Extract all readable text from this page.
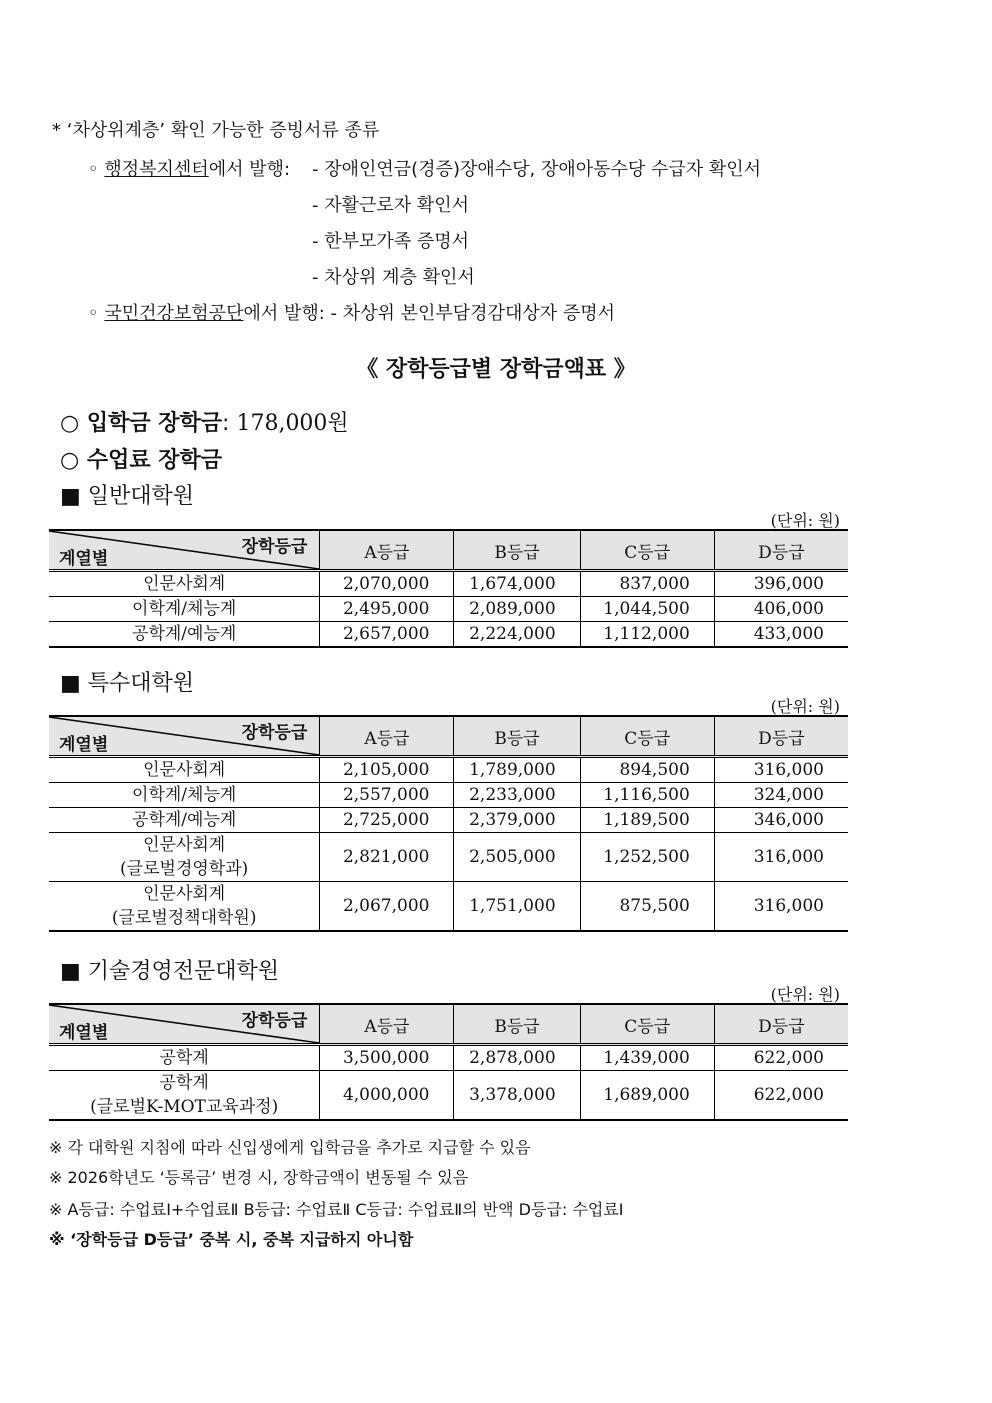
* ‘차상위계층’ 확인 가능한 증빙서류 종류
◦ 행정복지센터에서 발행: - 장애인연금(경증)장애수당, 장애아동수당 수급자 확인서
- 자활근로자 확인서
- 한부모가족 증명서
- 차상위 계층 확인서
◦ 국민건강보험공단에서 발행: - 차상위 본인부담경감대상자 증명서
《 장학등급별 장학금액표 》
○ 입학금 장학금: 178,000원
○ 수업료 장학금
■ 일반대학원
(단위: 원)
장학등급
계열별	A등급	B등급	C등급	D등급
인문사회계	2,070,000	1,674,000	837,000	396,000
이학계/체능계	2,495,000	2,089,000	1,044,500	406,000
공학계/예능계	2,657,000	2,224,000	1,112,000	433,000
■ 특수대학원
(단위: 원)
장학등급
계열별	A등급	B등급	C등급	D등급
인문사회계	2,105,000	1,789,000	894,500	316,000
이학계/체능계	2,557,000	2,233,000	1,116,500	324,000
공학계/예능계	2,725,000	2,379,000	1,189,500	346,000

인문사회계
(글로벌경영학과)	2,821,000	2,505,000	1,252,500	316,000

인문사회계
(글로벌정책대학원)	2,067,000	1,751,000	875,500	316,000
■ 기술경영전문대학원
(단위: 원)
장학등급
계열별	A등급	B등급	C등급	D등급
공학계	3,500,000	2,878,000	1,439,000	622,000

공학계
(글로벌K-MOT교육과정)	4,000,000	3,378,000	1,689,000	622,000
※ 각 대학원 지침에 따라 신입생에게 입학금을 추가로 지급할 수 있음
※ 2026학년도 ‘등록금’ 변경 시, 장학금액이 변동될 수 있음
※ A등급: 수업료Ⅰ+수업료Ⅱ B등급: 수업료Ⅱ C등급: 수업료Ⅱ의 반액 D등급: 수업료Ⅰ
※ ‘장학등급 D등급’ 중복 시, 중복 지급하지 아니함
